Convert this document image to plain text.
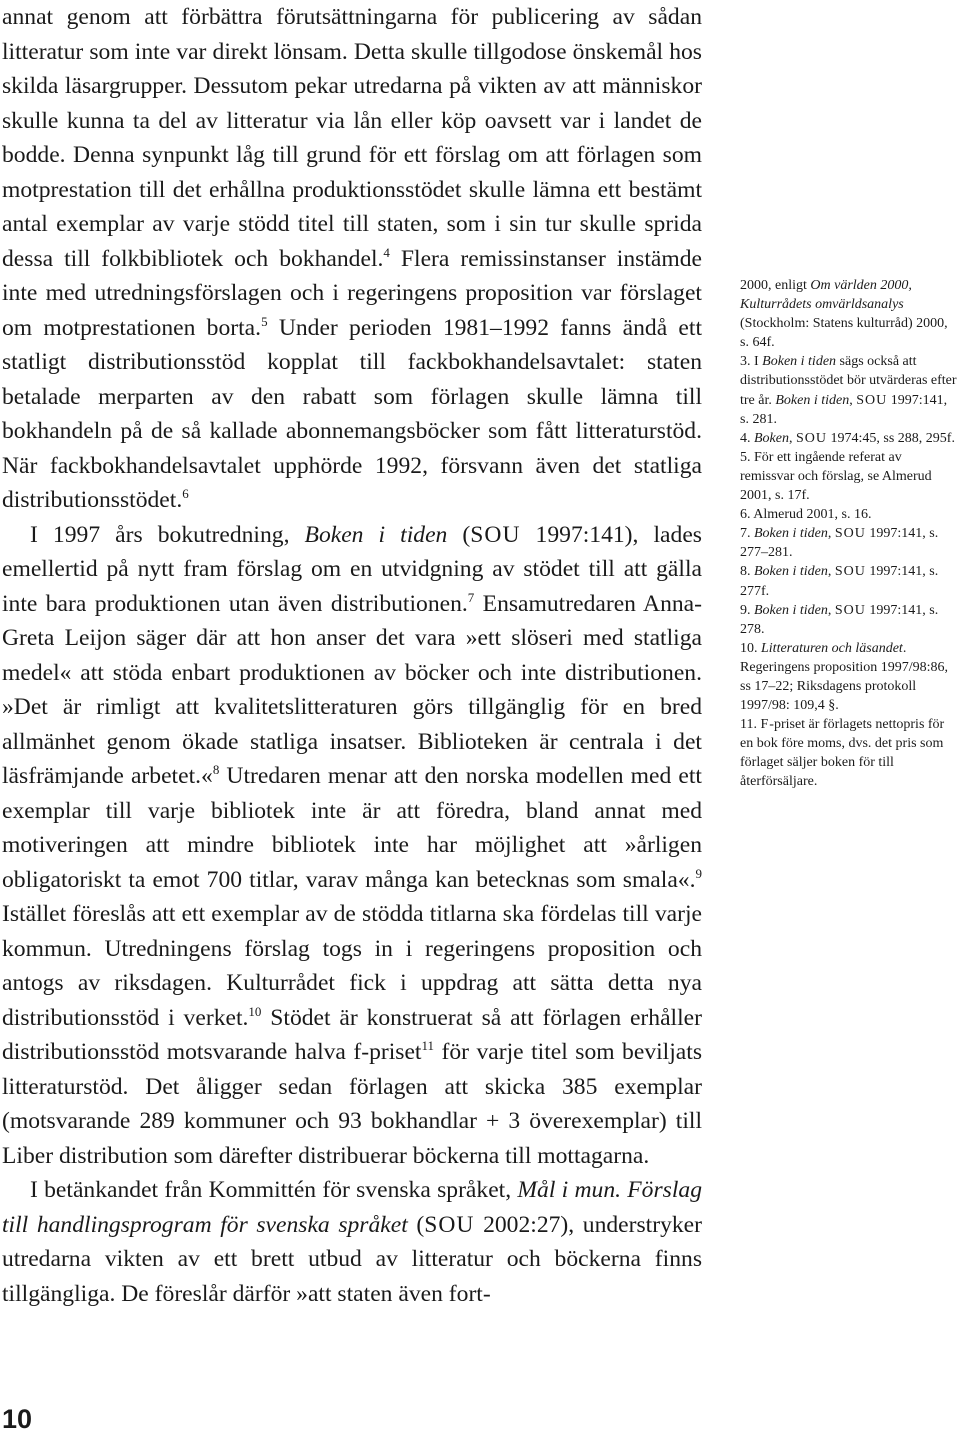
annat genom att förbättra förutsättningarna för publicering av sådan litteratur som inte var direkt lönsam. Detta skulle tillgodose önskemål hos skilda läsargrupper. Dessutom pekar utredarna på vikten av att människor skulle kunna ta del av litteratur via lån eller köp oavsett var i landet de bodde. Denna synpunkt låg till grund för ett förslag om att förlagen som motprestation till det erhållna produktionsstödet skulle lämna ett bestämt antal exemplar av varje stödd titel till staten, som i sin tur skulle sprida dessa till folkbibliotek och bokhandel.$^4$ Flera remissinstanser instämde inte med utredningsförslagen och i regeringens proposition var förslaget om motprestationen borta.$^5$ Under perioden 1981–1992 fanns ändå ett statligt distributionsstöd kopplat till fackbokhandelsavtalet: staten betalade merparten av den rabatt som förlagen skulle lämna till bokhandeln på de så kallade abonnemangsböcker som fått litteraturstöd. När fackbokhandelsavtalet upphörde 1992, försvann även det statliga distributionsstödet.$^6$

I 1997 års bokutredning, Boken i tiden (SOU 1997:141), lades emellertid på nytt fram förslag om en utvidgning av stödet till att gälla inte bara produktionen utan även distributionen.$^7$ Ensamutredaren Anna-Greta Leijon säger där att hon anser det vara »ett slöseri med statliga medel« att stöda enbart produktionen av böcker och inte distributionen. »Det är rimligt att kvalitetslitteraturen görs tillgänglig för en bred allmänhet genom ökade statliga insatser. Biblioteken är centrala i det läsfrämjande arbetet.«$^8$ Utredaren menar att den norska modellen med ett exemplar till varje bibliotek inte är att föredra, bland annat med motiveringen att mindre bibliotek inte har möjlighet att »årligen obligatoriskt ta emot 700 titlar, varav många kan betecknas som smala«.$^9$ Istället föreslås att ett exemplar av de stödda titlarna ska fördelas till varje kommun. Utredningens förslag togs in i regeringens proposition och antogs av riksdagen. Kulturrådet fick i uppdrag att sätta detta nya distributionsstöd i verket.$^{10}$ Stödet är konstruerat så att förlagen erhåller distributionsstöd motsvarande halva f-priset$^{11}$ för varje titel som beviljats litteraturstöd. Det åligger sedan förlagen att skicka 385 exemplar (motsvarande 289 kommuner och 93 bokhandlar + 3 överexemplar) till Liber distribution som därefter distribuerar böckerna till mottagarna.

I betänkandet från Kommittén för svenska språket, Mål i mun. Förslag till handlingsprogram för svenska språket (SOU 2002:27), understryker utredarna vikten av ett brett utbud av litteratur och böckerna finns tillgängliga. De föreslår därför »att staten även fort-

2000, enligt Om världen 2000, Kulturrådets omvärldsanalys (Stockholm: Statens kulturråd) 2000, s. 64f.

3. I Boken i tiden sägs också att distributionsstödet bör utvärderas efter tre år. Boken i tiden, SOU 1997:141, s. 281.

4. Boken, SOU 1974:45, ss 288, 295f.

5. För ett ingående referat av remissvar och förslag, se Almerud 2001, s. 17f.

6. Almerud 2001, s. 16.

7. Boken i tiden, SOU 1997:141, s. 277–281.

8. Boken i tiden, SOU 1997:141, s. 277f.

9. Boken i tiden, SOU 1997:141, s. 278.

10. Litteraturen och läsandet. Regeringens proposition 1997/98:86, ss 17–22; Riksdagens protokoll 1997/98: 109,4 §.

11. F-priset är förlagets nettopris för en bok före moms, dvs. det pris som förlaget säljer boken för till återförsäljare.

10
